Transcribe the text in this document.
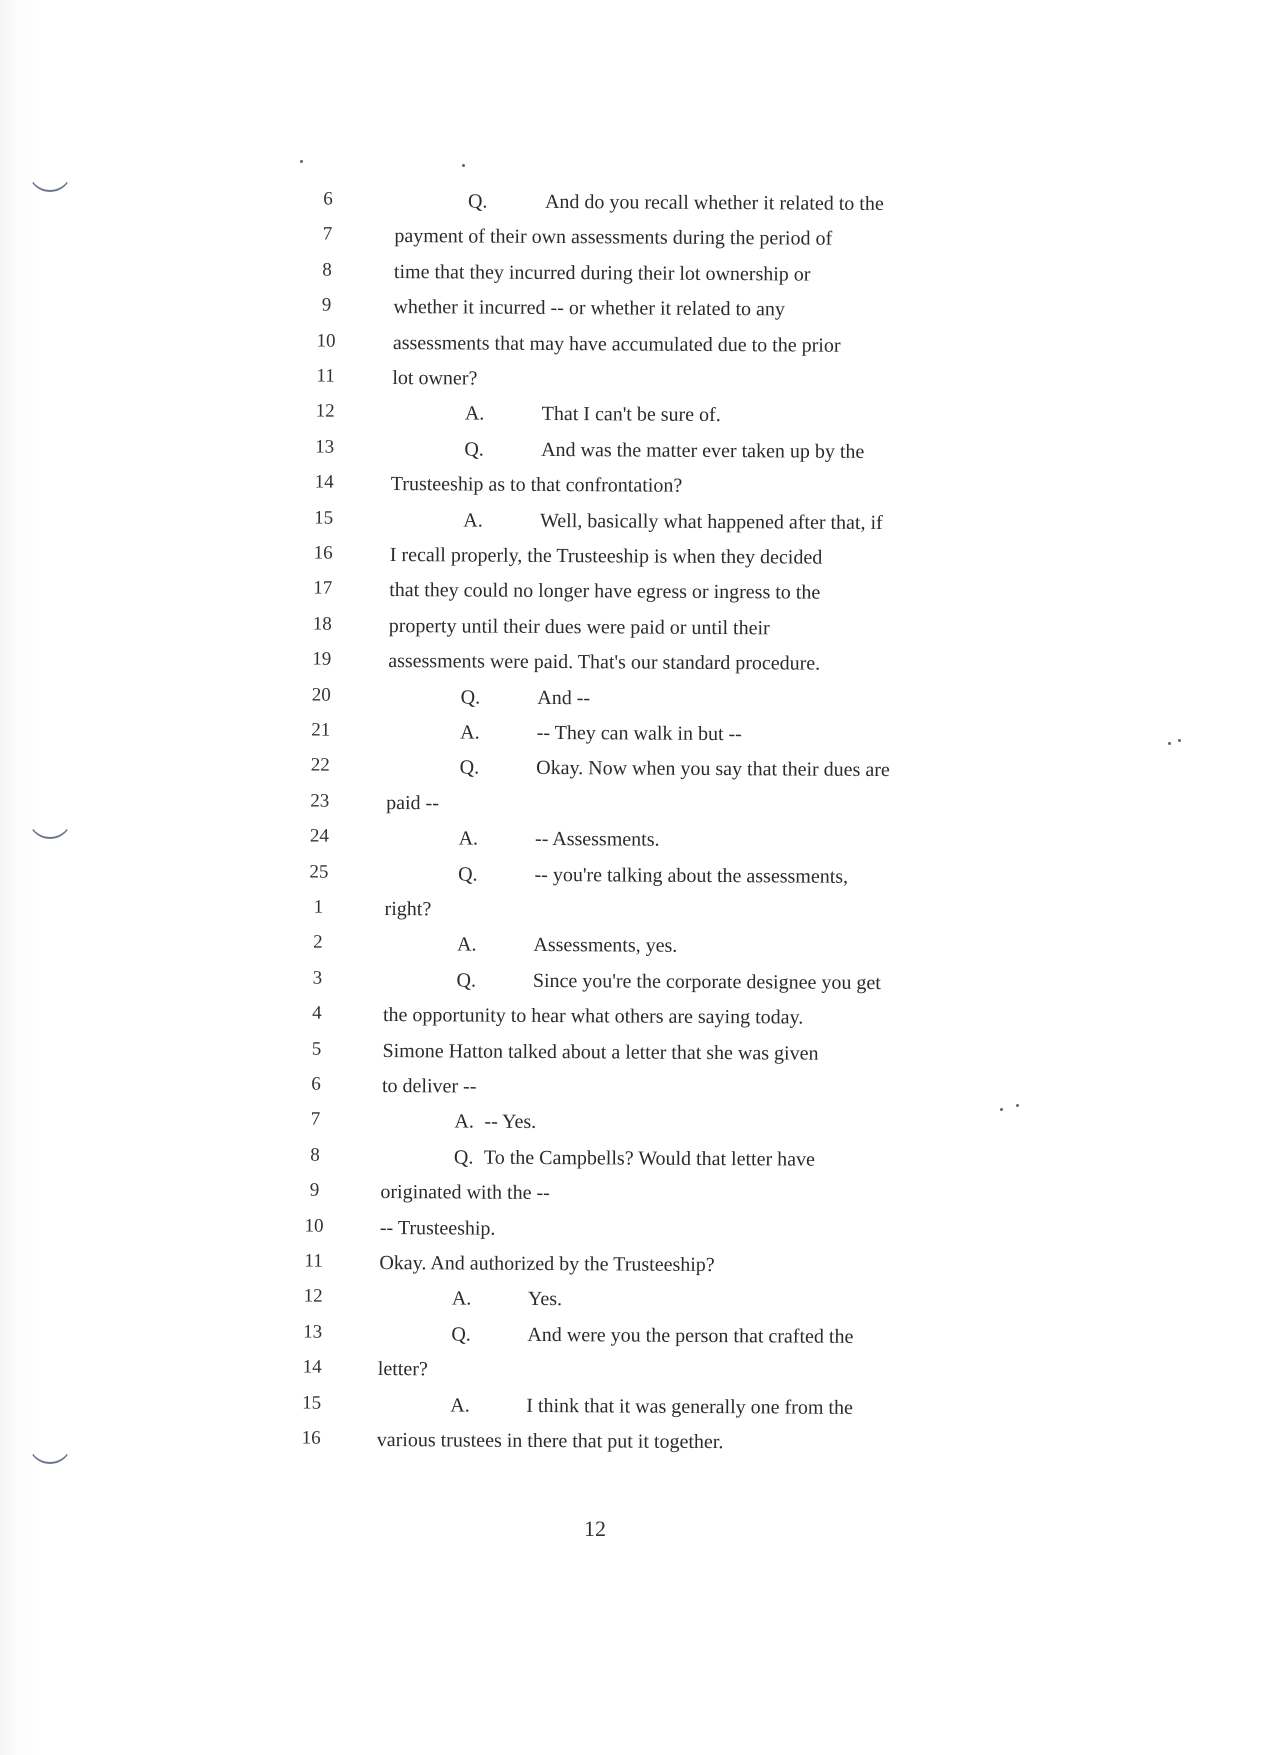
6	Q.	And do you recall whether it related to the
7	payment of their own assessments during the period of
8	time that they incurred during their lot ownership or
9	whether it incurred -- or whether it related to any
10	assessments that may have accumulated due to the prior
11	lot owner?
12	A.	That I can't be sure of.
13	Q.	And was the matter ever taken up by the
14	Trusteeship as to that confrontation?
15	A.	Well, basically what happened after that, if
16	I recall properly, the Trusteeship is when they decided
17	that they could no longer have egress or ingress to the
18	property until their dues were paid or until their
19	assessments were paid. That's our standard procedure.
20	Q.	And --
21	A.	-- They can walk in but --
22	Q.	Okay. Now when you say that their dues are
23	paid --
24	A.	-- Assessments.
25	Q.	-- you're talking about the assessments,
1	right?
2	A.	Assessments, yes.
3	Q.	Since you're the corporate designee you get
4	the opportunity to hear what others are saying today.
5	Simone Hatton talked about a letter that she was given
6	to deliver --
7	A. -- Yes.
8	Q. To the Campbells? Would that letter have
9	originated with the --
10	-- Trusteeship.
11	Okay. And authorized by the Trusteeship?
12	A.	Yes.
13	Q.	And were you the person that crafted the
14	letter?
15	A.	I think that it was generally one from the
16	various trustees in there that put it together.
12
